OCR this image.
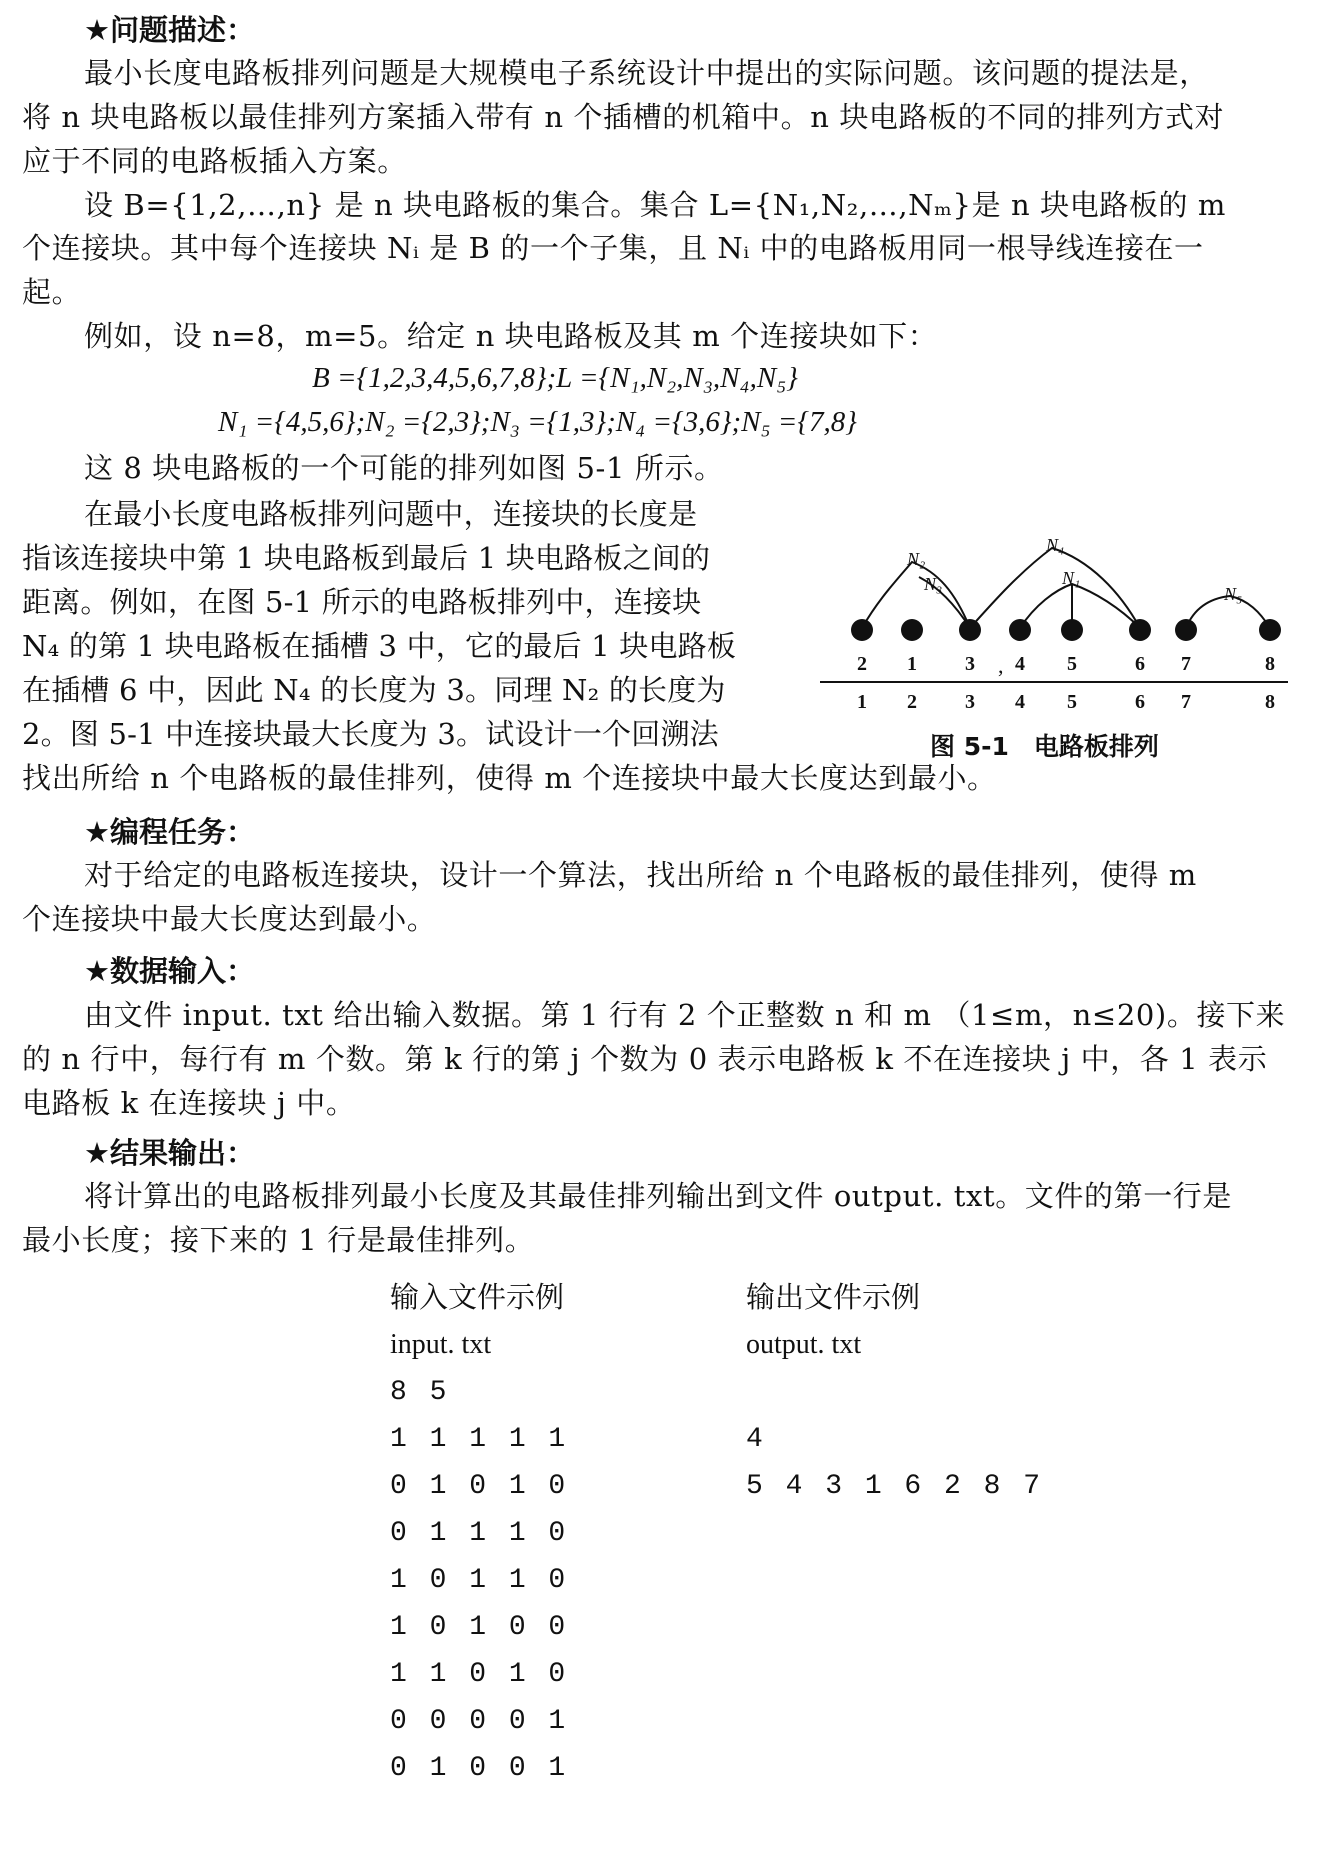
★问题描述：
最小长度电路板排列问题是大规模电子系统设计中提出的实际问题。该问题的提法是，
将 n 块电路板以最佳排列方案插入带有 n 个插槽的机箱中。n 块电路板的不同的排列方式对
应于不同的电路板插入方案。
设 B={1,2,…,n} 是 n 块电路板的集合。集合 L={N₁,N₂,…,Nₘ}是 n 块电路板的 m
个连接块。其中每个连接块 Nᵢ 是 B 的一个子集，且 Nᵢ 中的电路板用同一根导线连接在一
起。
例如，设 n=8，m=5。给定 n 块电路板及其 m 个连接块如下：
B ={1,2,3,4,5,6,7,8};L ={N₁,N₂,N₃,N₄,N₅}
N₁ ={4,5,6};N₂ ={2,3};N₃ ={1,3};N₄ ={3,6};N₅ ={7,8}
这 8 块电路板的一个可能的排列如图 5-1 所示。
在最小长度电路板排列问题中，连接块的长度是
指该连接块中第 1 块电路板到最后 1 块电路板之间的
距离。例如，在图 5-1 所示的电路板排列中，连接块
N₄ 的第 1 块电路板在插槽 3 中，它的最后 1 块电路板
在插槽 6 中，因此 N₄ 的长度为 3。同理 N₂ 的长度为
2。图 5-1 中连接块最大长度为 3。试设计一个回溯法
找出所给 n 个电路板的最佳排列，使得 m 个连接块中最大长度达到最小。
N₂
N₃
N₄
N₁
N₅
2 1 3 4 5	6 7	8
,
1 2 3 4 5	6 7	8
图 5-1　电路板排列
★编程任务：
对于给定的电路板连接块，设计一个算法，找出所给 n 个电路板的最佳排列，使得 m
个连接块中最大长度达到最小。
★数据输入：
由文件 input. txt 给出输入数据。第 1 行有 2 个正整数 n 和 m （1≤m，n≤20)。接下来
的 n 行中，每行有 m 个数。第 k 行的第 j 个数为 0 表示电路板 k 不在连接块 j 中，各 1 表示
电路板 k 在连接块 j 中。
★结果输出：
将计算出的电路板排列最小长度及其最佳排列输出到文件 output. txt。文件的第一行是
最小长度；接下来的 1 行是最佳排列。
输入文件示例	输出文件示例
input. txt	output. txt
8 5
1 1 1 1 1
0 1 0 1 0
0 1 1 1 0
1 0 1 1 0
1 0 1 0 0
1 1 0 1 0
0 0 0 0 1
0 1 0 0 1
4
5 4 3 1 6 2 8 7
